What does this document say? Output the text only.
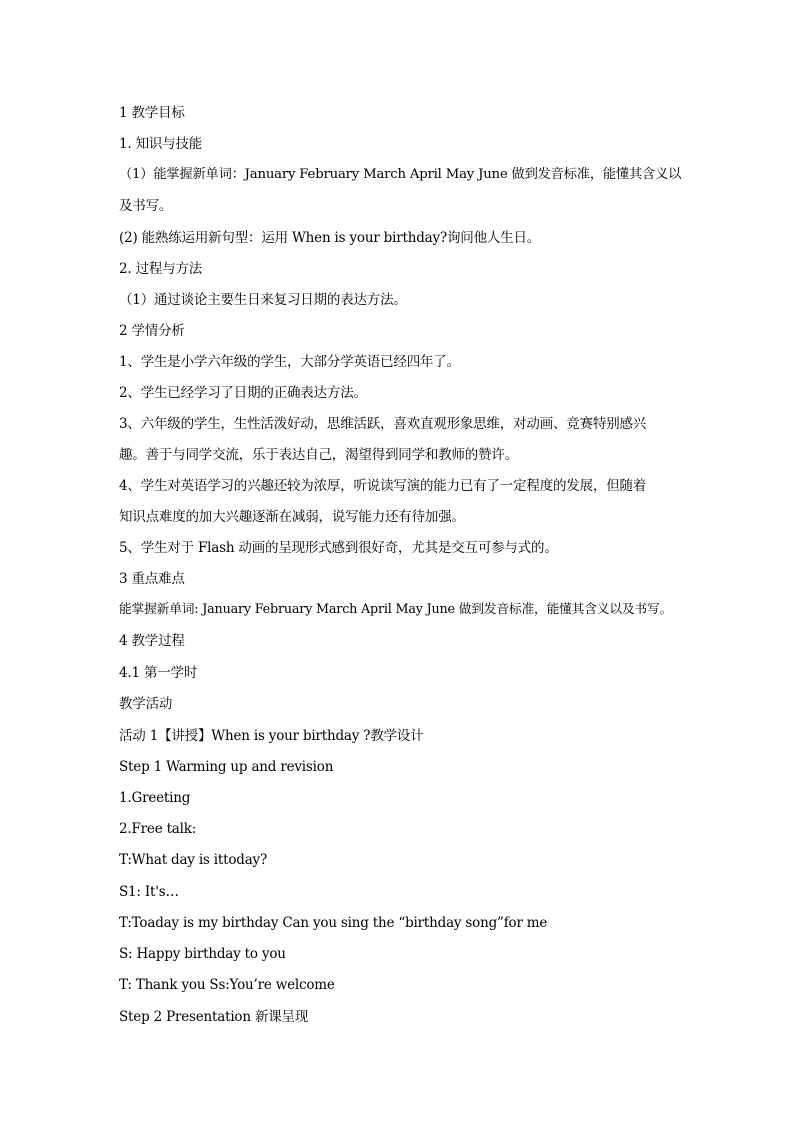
1 教学目标
1. 知识与技能
（1）能掌握新单词：January February March April May June 做到发音标准，能懂其含义以
及书写。
(2) 能熟练运用新句型：运用 When is your birthday?询问他人生日。
2. 过程与方法
（1）通过谈论主要生日来复习日期的表达方法。
2 学情分析
1、学生是小学六年级的学生，大部分学英语已经四年了。
2、学生已经学习了日期的正确表达方法。
3、六年级的学生，生性活泼好动，思维活跃，喜欢直观形象思维，对动画、竞赛特别感兴
趣。善于与同学交流，乐于表达自己，渴望得到同学和教师的赞许。
4、学生对英语学习的兴趣还较为浓厚，听说读写演的能力已有了一定程度的发展，但随着
知识点难度的加大兴趣逐渐在减弱，说写能力还有待加强。
5、学生对于 Flash 动画的呈现形式感到很好奇，尤其是交互可参与式的。
3 重点难点
能掌握新单词: January February March April May June 做到发音标准，能懂其含义以及书写。
4 教学过程
4.1 第一学时
教学活动
活动 1【讲授】When is your birthday ?教学设计
Step 1 Warming up and revision
1.Greeting
2.Free talk:
T:What day is ittoday?
S1: It's…
T:Toaday is my birthday Can you sing the “birthday song”for me
S: Happy birthday to you
T: Thank you Ss:You’re welcome
Step 2 Presentation 新课呈现
